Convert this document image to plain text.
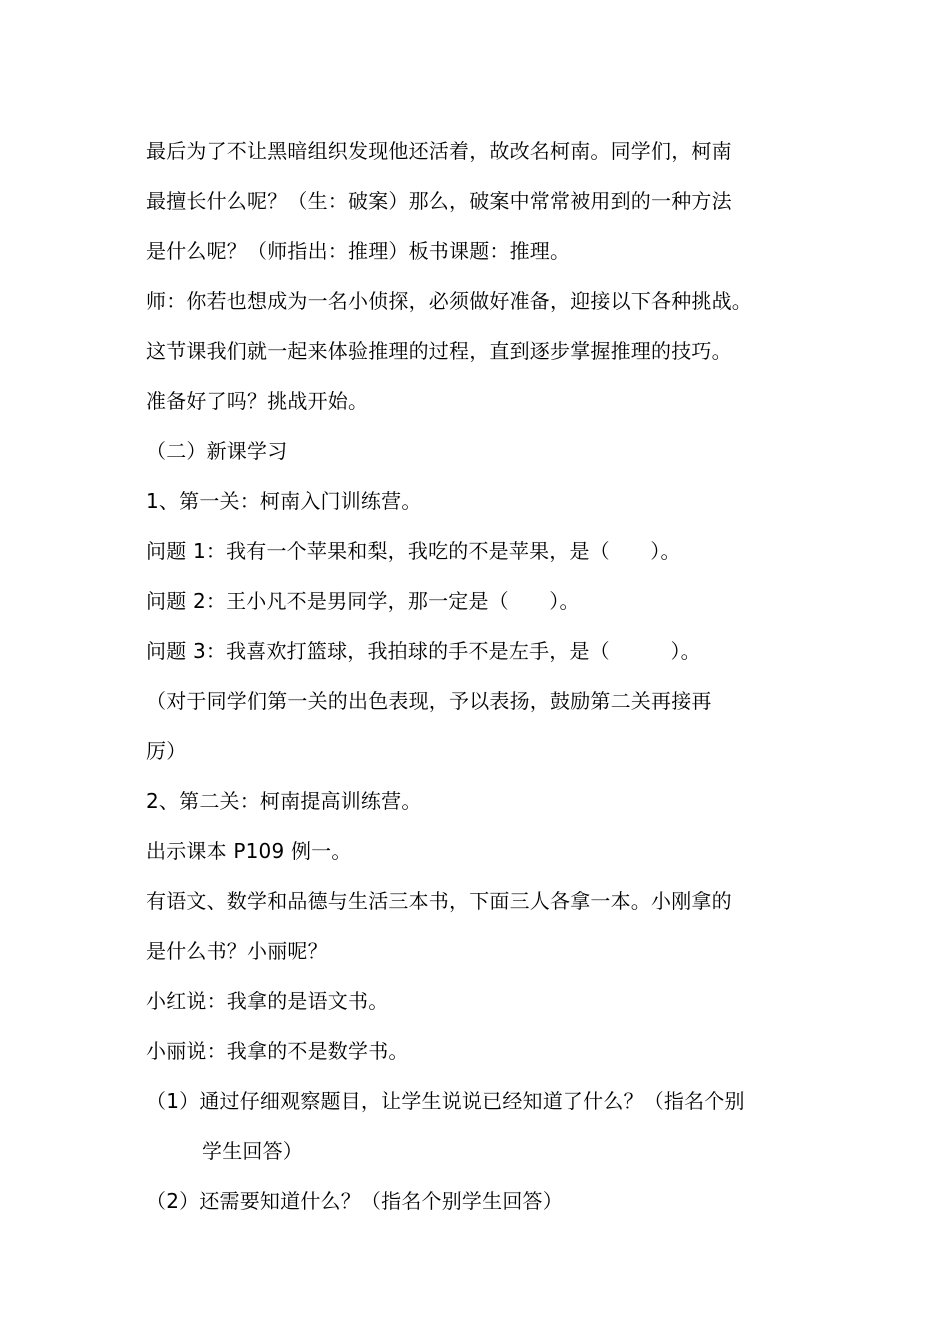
最后为了不让黑暗组织发现他还活着，故改名柯南。同学们，柯南
最擅长什么呢？（生：破案）那么，破案中常常被用到的一种方法
是什么呢？（师指出：推理）板书课题：推理。
师：你若也想成为一名小侦探，必须做好准备，迎接以下各种挑战。
这节课我们就一起来体验推理的过程，直到逐步掌握推理的技巧。
准备好了吗？挑战开始。
（二）新课学习
1、第一关：柯南入门训练营。
问题 1：我有一个苹果和梨，我吃的不是苹果，是（　　）。
问题 2：王小凡不是男同学，那一定是（　　）。
问题 3：我喜欢打篮球，我拍球的手不是左手，是（　　　）。
（对于同学们第一关的出色表现，予以表扬，鼓励第二关再接再
厉）
2、第二关：柯南提高训练营。
出示课本 P109 例一。
有语文、数学和品德与生活三本书，下面三人各拿一本。小刚拿的
是什么书？小丽呢？
小红说：我拿的是语文书。
小丽说：我拿的不是数学书。
（1）通过仔细观察题目，让学生说说已经知道了什么？（指名个别
学生回答）
（2）还需要知道什么？（指名个别学生回答）
